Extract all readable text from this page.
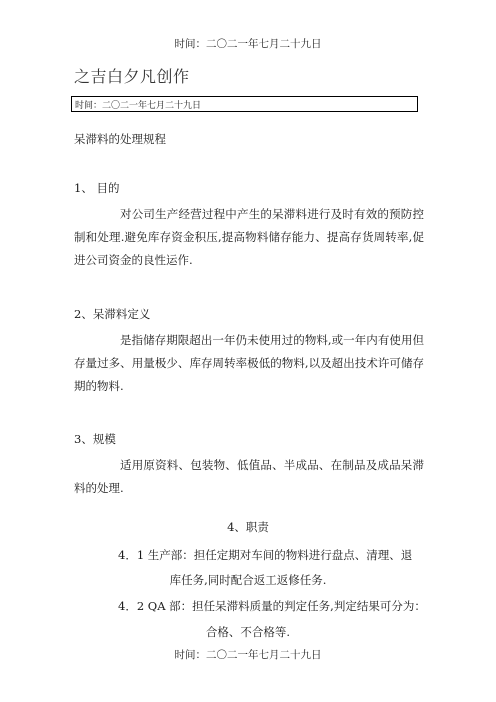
时间：二〇二一年七月二十九日
之吉白夕凡创作
时间：二〇二一年七月二十九日
呆滞料的处理规程
1、 目的
对公司生产经营过程中产生的呆滞料进行及时有效的预防控制和处理.避免库存资金积压,提高物料储存能力、提高存货周转率,促进公司资金的良性运作.
2、呆滞料定义
是指储存期限超出一年仍未使用过的物料,或一年内有使用但存量过多、用量极少、库存周转率极低的物料,以及超出技术许可储存期的物料.
3、规模
适用原资料、包装物、低值品、半成品、在制品及成品呆滞料的处理.
4、职责
4．1 生产部：担任定期对车间的物料进行盘点、清理、退
库任务,同时配合返工返修任务.
4．2 QA 部：担任呆滞料质量的判定任务,判定结果可分为：
合格、不合格等.
时间：二〇二一年七月二十九日
